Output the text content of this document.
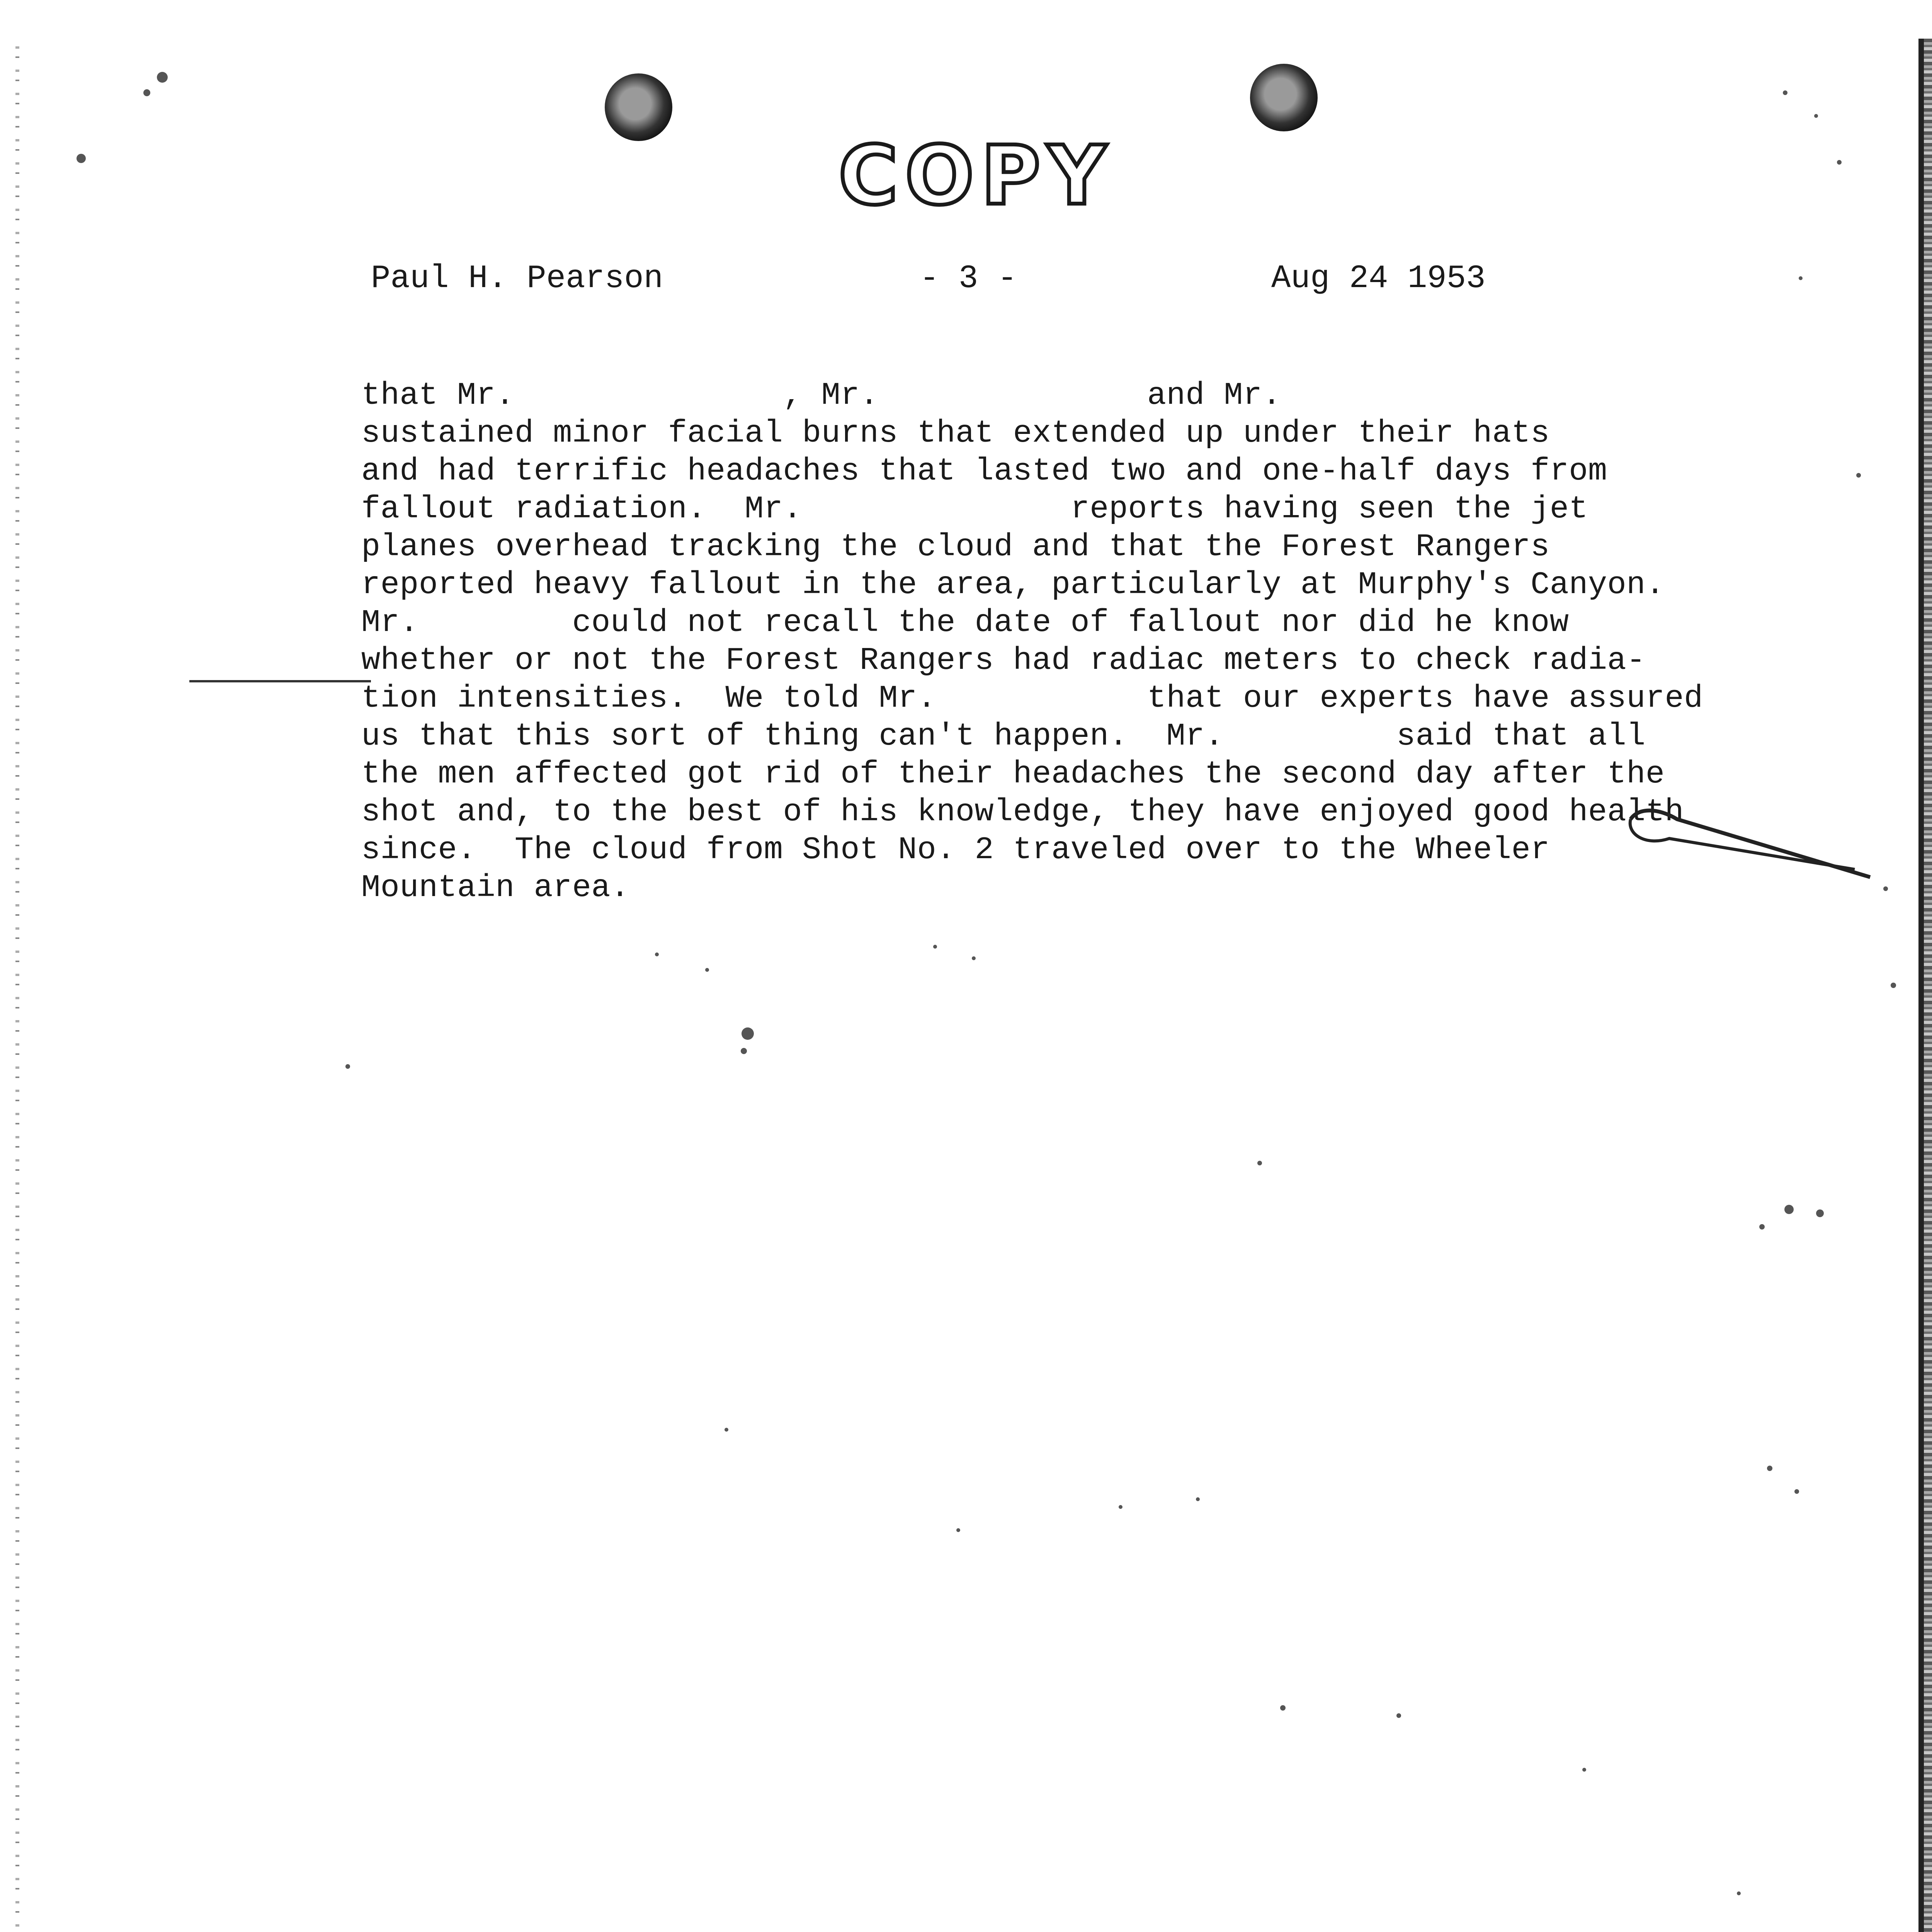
COPY
Paul H. Pearson	- 3 -	Aug 24 1953
that Mr.              , Mr.              and Mr.
sustained minor facial burns that extended up under their hats
and had terrific headaches that lasted two and one-half days from
fallout radiation.  Mr.              reports having seen the jet
planes overhead tracking the cloud and that the Forest Rangers
reported heavy fallout in the area, particularly at Murphy's Canyon.
Mr.        could not recall the date of fallout nor did he know
whether or not the Forest Rangers had radiac meters to check radia-
tion intensities.  We told Mr.           that our experts have assured
us that this sort of thing can't happen.  Mr.         said that all
the men affected got rid of their headaches the second day after the
shot and, to the best of his knowledge, they have enjoyed good health
since.  The cloud from Shot No. 2 traveled over to the Wheeler
Mountain area.
